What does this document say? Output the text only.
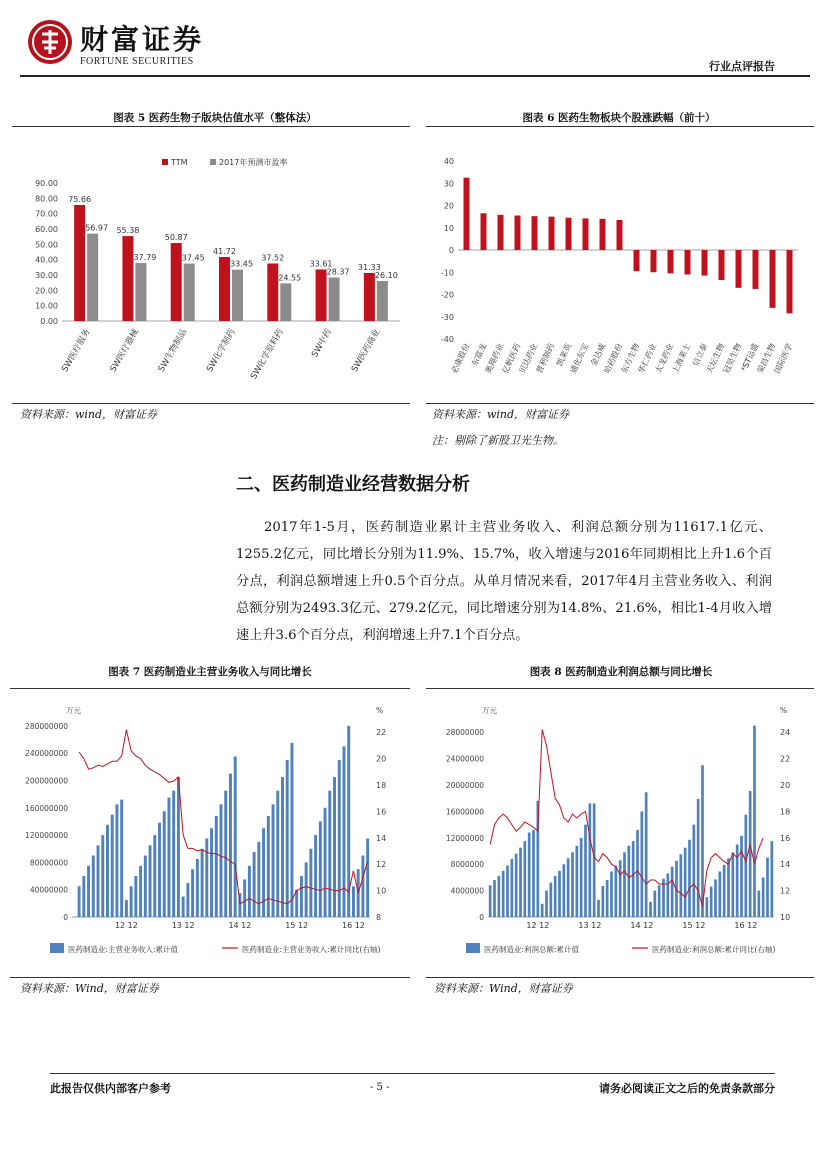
财富证券
FORTUNE SECURITIES	行业点评报告
图表 5 医药生物子版块估值水平（整体法）
0.00
10.00
20.00
30.00
40.00
50.00
60.00
70.00
80.00
90.00
TTM	2017年预测市盈率
75.66
56.97
SW医疗服务
55.38
37.79
SW医疗器械
50.87
37.45
SW生物制品
41.72
33.45
SW化学制药
37.52
24.55
SW化学原料药
33.61
28.37
SW中药
31.33
26.10
SW医药商业
资料来源：wind，财富证券
图表 6 医药生物板块个股涨跌幅（前十）
-40
-30
-20
-10
0
10
20
30
40
必康股份
东富龙
奥翔药业
亿帆医药
贝达药业
普利制药
凯莱英
通化东宝
金达威
哈药股份
东方生物
华仁药业
太龙药业
上海莱士
信立泰
天坛生物
冠昊生物
*ST运盛
荣昌生物
国际医学
资料来源：wind，财富证券
注：剔除了新股卫光生物。
二、医药制造业经营数据分析
2017年1-5月，医药制造业累计主营业务收入、利润总额分别为11617.1亿元、1255.2亿元，同比增长分别为11.9%、15.7%，收入增速与2016年同期相比上升1.6个百分点，利润总额增速上升0.5个百分点。从单月情况来看，2017年4月主营业务收入、利润总额分别为2493.3亿元、279.2亿元，同比增速分别为14.8%、21.6%，相比1-4月收入增速上升3.6个百分点，利润增速上升7.1个百分点。
图表 7 医药制造业主营业务收入与同比增长
万元	%
0
40000000
80000000
120000000
160000000
200000000
240000000
280000000
8
10
12
14
16
18
20
22
12 12	13 12	14 12	15 12	16 12
医药制造业:主营业务收入:累计值	医药制造业:主营业务收入:累计同比(右轴)
资料来源：Wind，财富证券
图表 8 医药制造业利润总额与同比增长
万元	%
0
4000000
8000000
12000000
16000000
20000000
24000000
28000000
10
12
14
16
18
20
22
24
12 12	13 12	14 12	15 12	16 12
医药制造业:利润总额:累计值	医药制造业:利润总额:累计同比(右轴)
资料来源：Wind，财富证券
此报告仅供内部客户参考	- 5 -	请务必阅读正文之后的免责条款部分
